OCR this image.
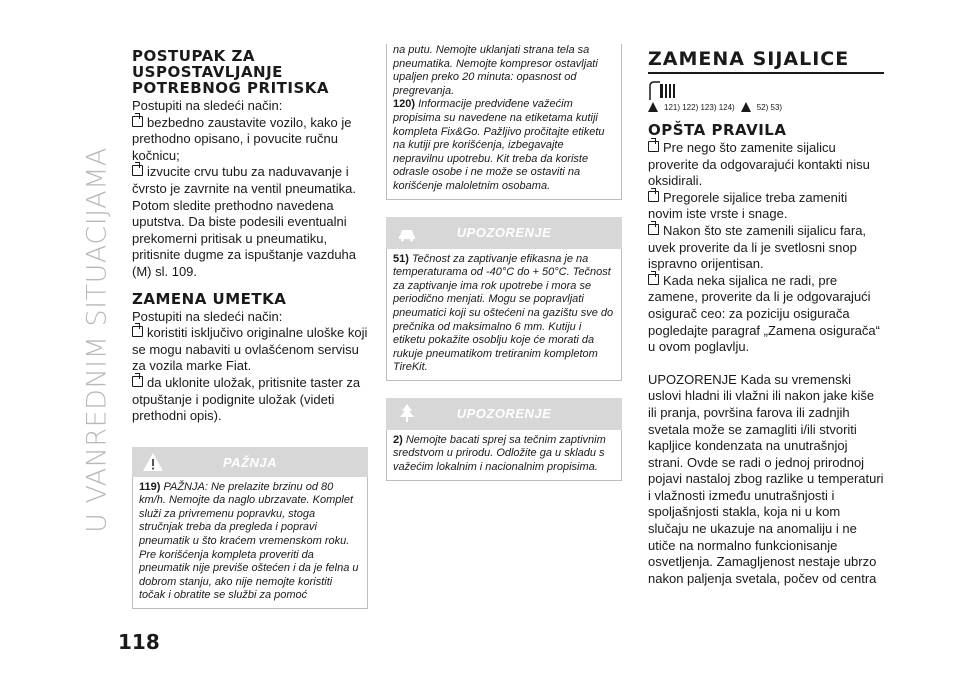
U VANREDNIM SITUACIJAMA
118
POSTUPAK ZA
USPOSTAVLJANJE
POTREBNOG PRITISKA

Postupiti na sledeći način:

bezbedno zaustavite vozilo, kako je prethodno opisano, i povucite ručnu kočnicu;

izvucite crvu tubu za naduvavanje i čvrsto je zavrnite na ventil pneumatika. Potom sledite prethodno navedena uputstva. Da biste podesili eventualni prekomerni pritisak u pneumatiku, pritisnite dugme za ispuštanje vazduha (M) sl. 109.

ZAMENA UMETKA

Postupiti na sledeći način:

koristiti isključivo originalne uloške koji se mogu nabaviti u ovlašćenom servisu za vozila marke Fiat.

da uklonite uložak, pritisnite taster za otpuštanje i podignite uložak (videti prethodni opis).

PAŽNJA

119) PAŽNJA: Ne prelazite brzinu od 80 km/h. Nemojte da naglo ubrzavate. Komplet služi za privremenu popravku, stoga stručnjak treba da pregleda i popravi pneumatik u što kraćem vremenskom roku. Pre korišćenja kompleta proveriti da pneumatik nije previše oštećen i da je felna u dobrom stanju, ako nije nemojte koristiti točak i obratite se službi za pomoć

na putu. Nemojte uklanjati strana tela sa pneumatika. Nemojte kompresor ostavljati upaljen preko 20 minuta: opasnost od pregrevanja.

120) Informacije predviđene važećim propisima su navedene na etiketama kutiji kompleta Fix&Go. Pažljivo pročitajte etiketu na kutiji pre korišćenja, izbegavajte nepravilnu upotrebu. Kit treba da koriste odrasle osobe i ne može se ostaviti na korišćenje maloletnim osobama.

UPOZORENJE

51) Tečnost za zaptivanje efikasna je na temperaturama od -40°C do + 50°C. Tečnost za zaptivanje ima rok upotrebe i mora se periodično menjati. Mogu se popravljati pneumatici koji su oštećeni na gazištu sve do prečnika od maksimalno 6 mm. Kutiju i etiketu pokažite osoblju koje će morati da rukuje pneumatikom tretiranim kompletom TireKit.

UPOZORENJE

2) Nemojte bacati sprej sa tečnim zaptivnim sredstvom u prirodu. Odložite ga u skladu s važećim lokalnim i nacionalnim propisima.

ZAMENA SIJALICE
121) 122) 123) 124)	52) 53)
OPŠTA PRAVILA

Pre nego što zamenite sijalicu proverite da odgovarajući kontakti nisu oksidirali.

Pregorele sijalice treba zameniti novim iste vrste i snage.

Nakon što ste zamenili sijalicu fara, uvek proverite da li je svetlosni snop ispravno orijentisan.

Kada neka sijalica ne radi, pre zamene, proverite da li je odgovarajući osigurač ceo: za poziciju osigurača pogledajte paragraf „Zamena osigurača“ u ovom poglavlju.

UPOZORENJE Kada su vremenski uslovi hladni ili vlažni ili nakon jake kiše ili pranja, površina farova ili zadnjih svetala može se zamagliti i/ili stvoriti kapljice kondenzata na unutrašnjoj strani. Ovde se radi o jednoj prirodnoj pojavi nastaloj zbog razlike u temperaturi i vlažnosti između unutrašnjosti i spoljašnjosti stakla, koja ni u kom slučaju ne ukazuje na anomaliju i ne utiče na normalno funkcionisanje osvetljenja. Zamagljenost nestaje ubrzo nakon paljenja svetala, počev od centra
